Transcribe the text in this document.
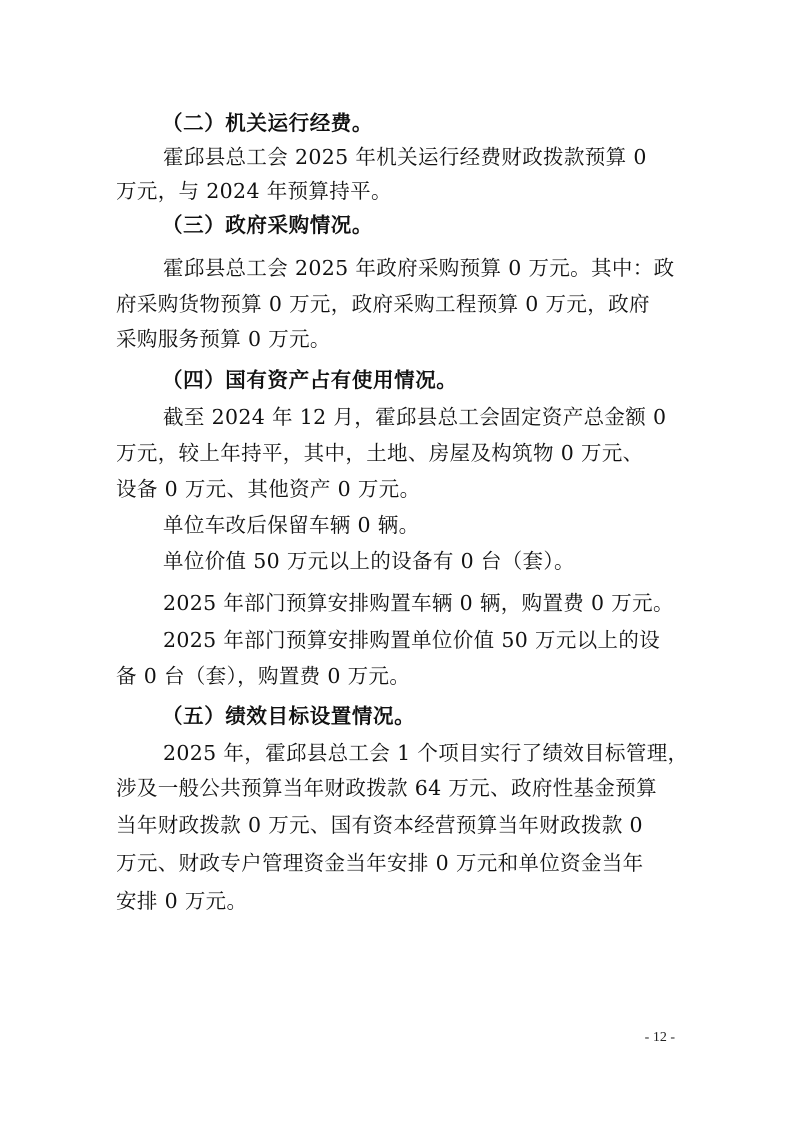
（二）机关运行经费。
霍邱县总工会 2025 年机关运行经费财政拨款预算 0
万元，与 2024 年预算持平。
（三）政府采购情况。
霍邱县总工会 2025 年政府采购预算 0 万元。其中：政
府采购货物预算 0 万元，政府采购工程预算 0 万元，政府
采购服务预算 0 万元。
（四）国有资产占有使用情况。
截至 2024 年 12 月，霍邱县总工会固定资产总金额 0
万元，较上年持平，其中，土地、房屋及构筑物 0 万元、
设备 0 万元、其他资产 0 万元。
单位车改后保留车辆 0 辆。
单位价值 50 万元以上的设备有 0 台（套）。
2025 年部门预算安排购置车辆 0 辆，购置费 0 万元。
2025 年部门预算安排购置单位价值 50 万元以上的设
备 0 台（套），购置费 0 万元。
（五）绩效目标设置情况。
2025 年，霍邱县总工会 1 个项目实行了绩效目标管理，
涉及一般公共预算当年财政拨款 64 万元、政府性基金预算
当年财政拨款 0 万元、国有资本经营预算当年财政拨款 0
万元、财政专户管理资金当年安排 0 万元和单位资金当年
安排 0 万元。
- 12 -
